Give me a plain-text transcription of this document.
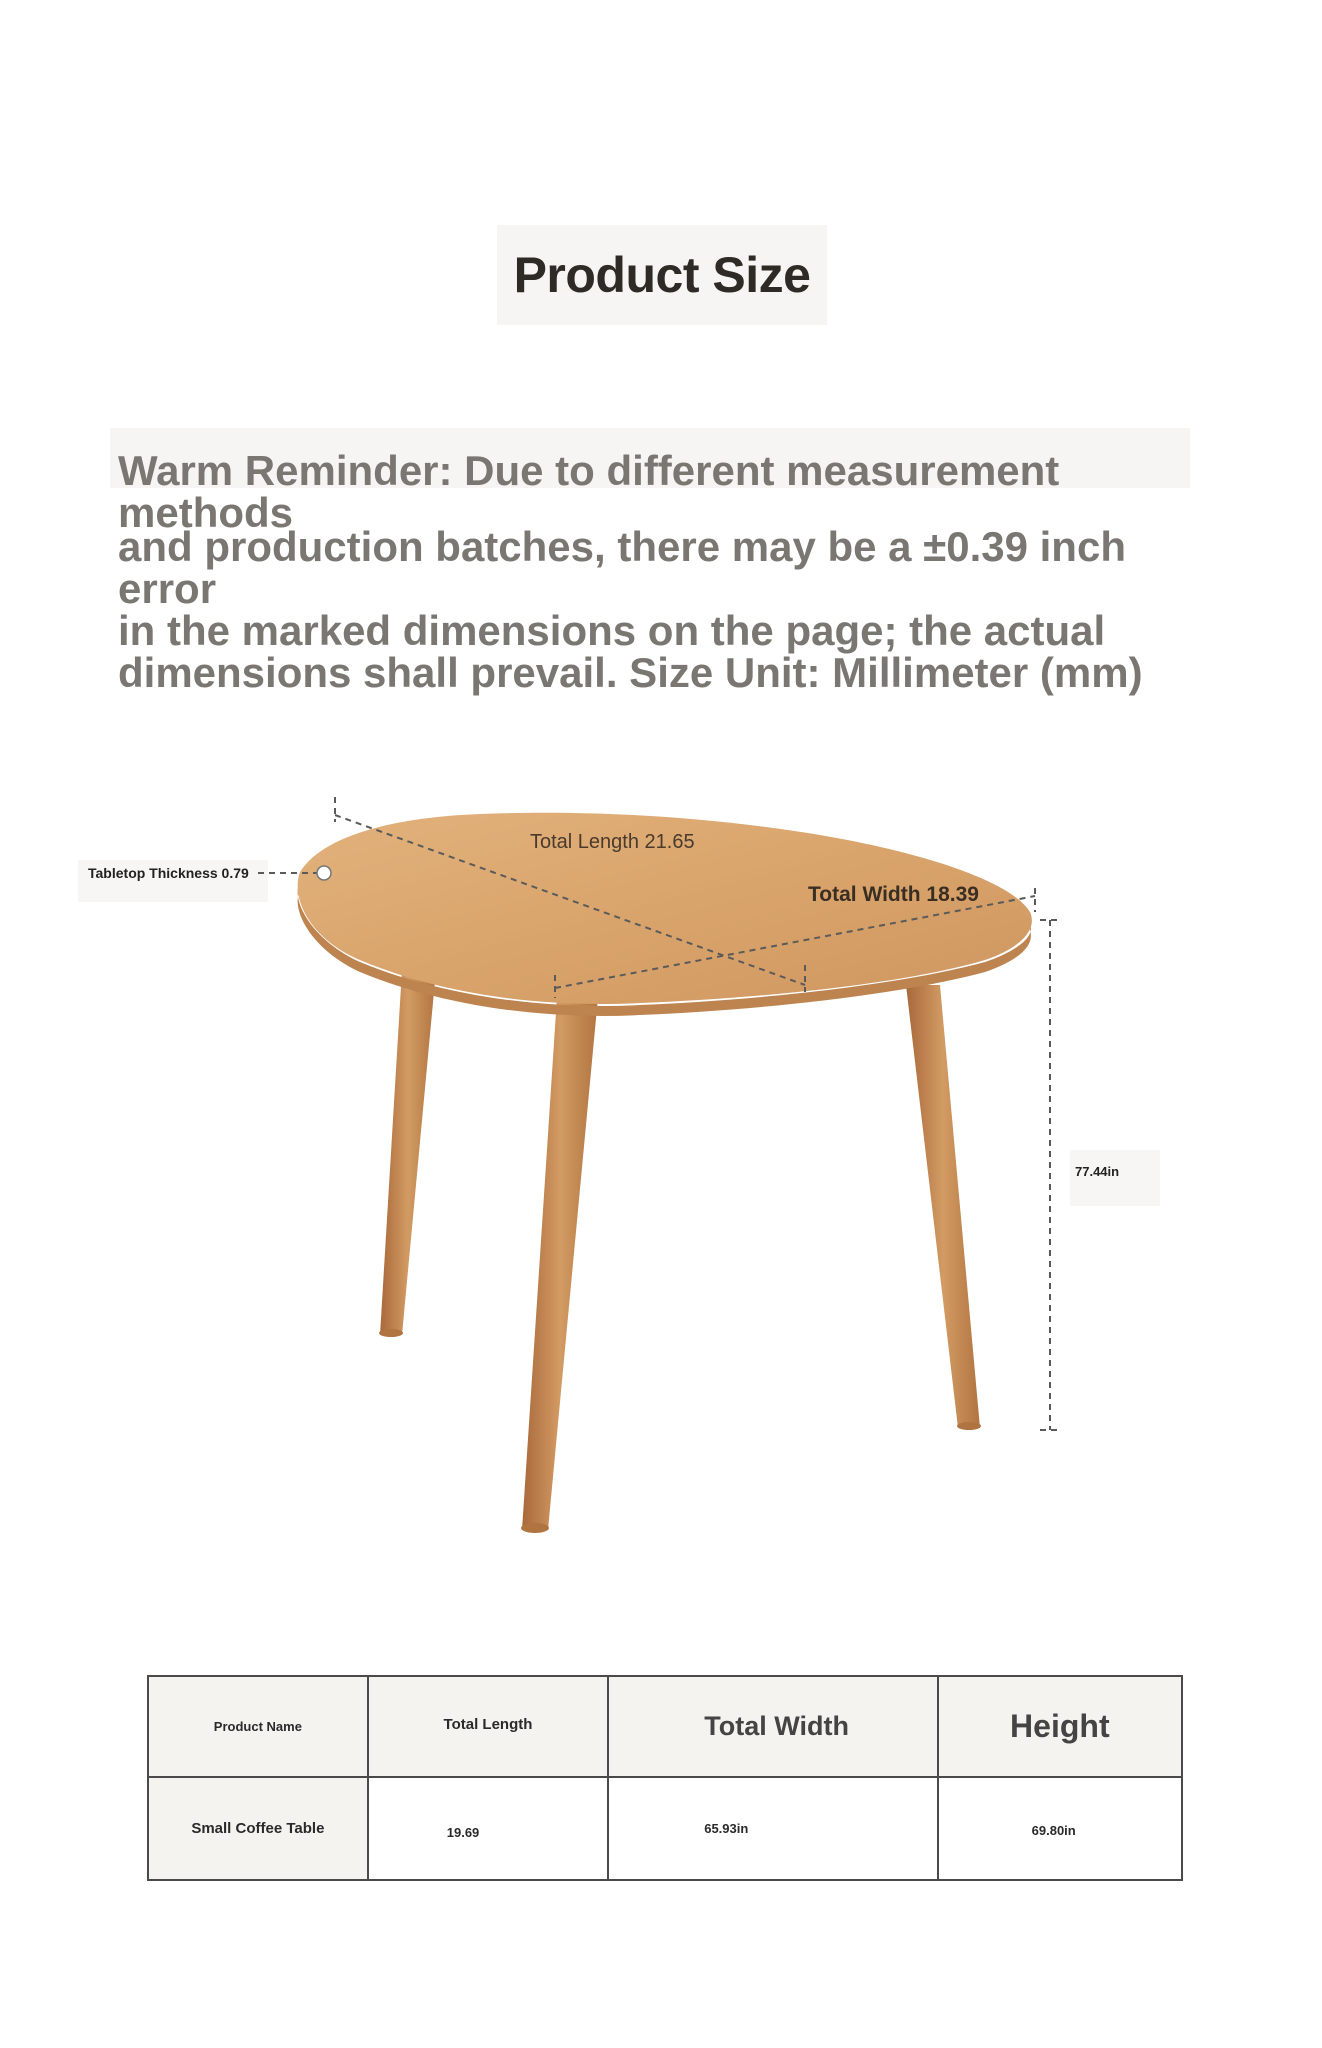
Product Size

Warm Reminder: Due to different measurement methods
and production batches, there may be a ±0.39 inch error
in the marked dimensions on the page; the actual
dimensions shall prevail. Size Unit: Millimeter (mm)

Tabletop Thickness 0.79
Total Length 21.65
Total Width 18.39
77.44in
Product Name	Total Length	Total Width	Height
Small Coffee Table	19.69	65.93in	69.80in
